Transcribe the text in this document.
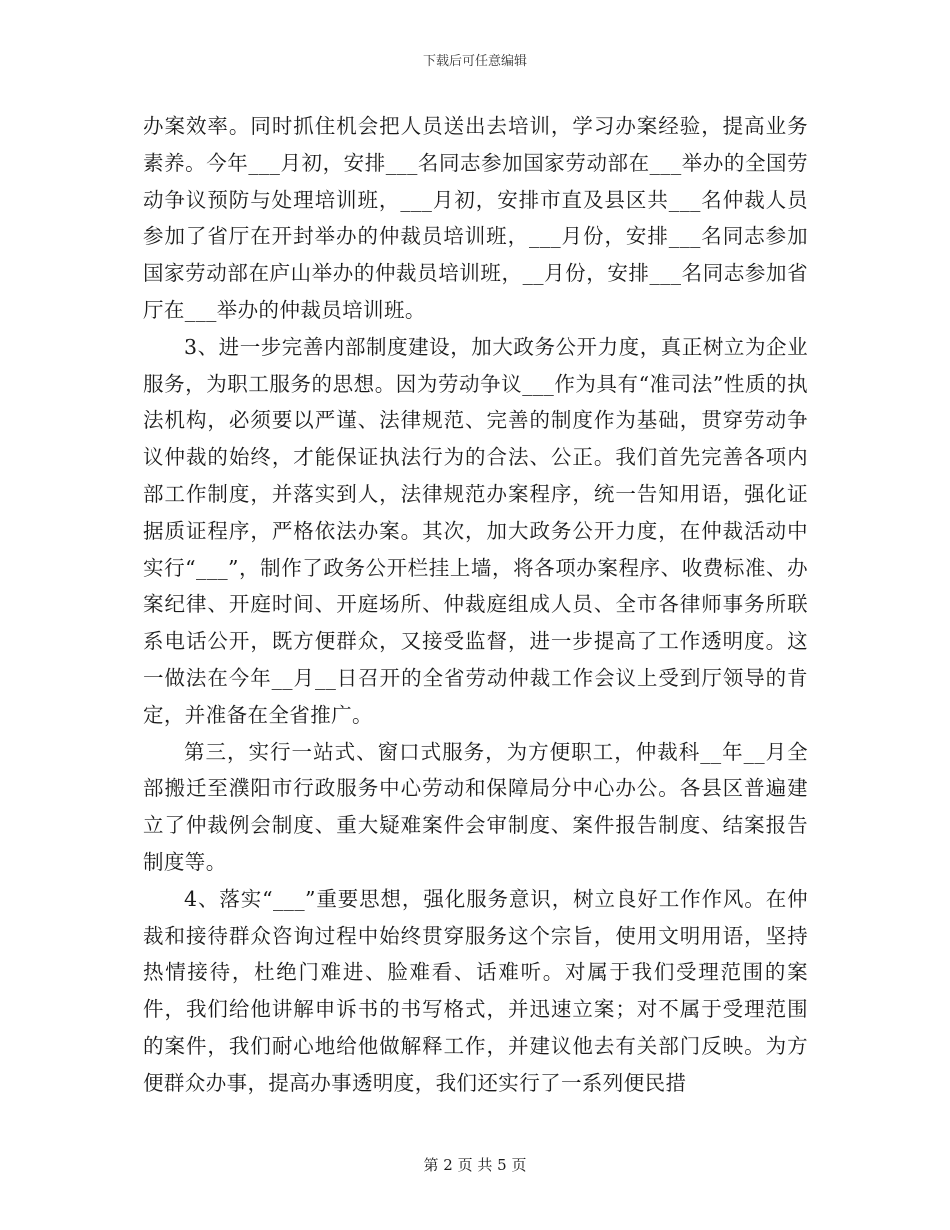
下载后可任意编辑

办案效率。同时抓住机会把人员送出去培训，学习办案经验，提高业务素养。今年___月初，安排___名同志参加国家劳动部在___举办的全国劳动争议预防与处理培训班，___月初，安排市直及县区共___名仲裁人员参加了省厅在开封举办的仲裁员培训班，___月份，安排___名同志参加国家劳动部在庐山举办的仲裁员培训班，__月份，安排___名同志参加省厅在___举办的仲裁员培训班。

3、进一步完善内部制度建设，加大政务公开力度，真正树立为企业服务，为职工服务的思想。因为劳动争议___作为具有“准司法”性质的执法机构，必须要以严谨、法律规范、完善的制度作为基础，贯穿劳动争议仲裁的始终，才能保证执法行为的合法、公正。我们首先完善各项内部工作制度，并落实到人，法律规范办案程序，统一告知用语，强化证据质证程序，严格依法办案。其次，加大政务公开力度，在仲裁活动中实行“___”，制作了政务公开栏挂上墙，将各项办案程序、收费标准、办案纪律、开庭时间、开庭场所、仲裁庭组成人员、全市各律师事务所联系电话公开，既方便群众，又接受监督，进一步提高了工作透明度。这一做法在今年__月__日召开的全省劳动仲裁工作会议上受到厅领导的肯定，并准备在全省推广。

第三，实行一站式、窗口式服务，为方便职工，仲裁科__年__月全部搬迁至濮阳市行政服务中心劳动和保障局分中心办公。各县区普遍建立了仲裁例会制度、重大疑难案件会审制度、案件报告制度、结案报告制度等。

4、落实“___”重要思想，强化服务意识，树立良好工作作风。在仲裁和接待群众咨询过程中始终贯穿服务这个宗旨，使用文明用语，坚持热情接待，杜绝门难进、脸难看、话难听。对属于我们受理范围的案件，我们给他讲解申诉书的书写格式，并迅速立案；对不属于受理范围的案件，我们耐心地给他做解释工作，并建议他去有关部门反映。为方便群众办事，提高办事透明度，我们还实行了一系列便民措

第 2 页 共 5 页
